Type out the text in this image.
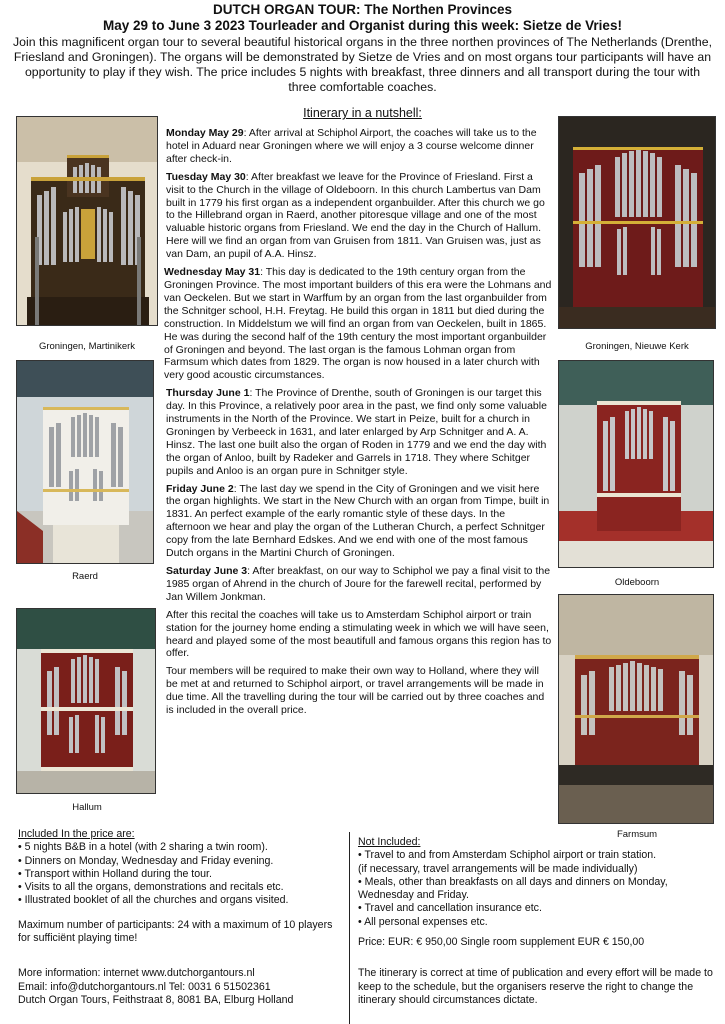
DUTCH ORGAN TOUR: The Northen Provinces
May 29 to June 3 2023 Tourleader and Organist during this week: Sietze de Vries!
Join this magnificent organ tour to several beautiful historical organs in the three northen provinces of The Netherlands (Drenthe, Friesland and Groningen). The organs will be demonstrated by Sietze de Vries and on most organs tour participants will have an opportunity to play if they wish. The price includes 5 nights with breakfast, three dinners and all transport during the tour with three comfortable coaches.
Itinerary in a nutshell:
Groningen, Martinikerk
Raerd
Hallum
Groningen, Nieuwe Kerk
Oldeboorn
Farmsum

Monday May 29: After arrival at Schiphol Airport, the coaches will take us to the hotel in Aduard near Groningen where we will enjoy a 3 course welcome dinner after check-in.

Tuesday May 30: After breakfast we leave for the Province of Friesland. First a visit to the Church in the village of Oldeboorn. In this church Lambertus van Dam built in 1779 his first organ as a independent organbuilder. After this church we go to the Hillebrand organ in Raerd, another pitoresque village and one of the most valuable historic organs from Friesland. We end the day in the Church of Hallum. Here will we find an organ from van Gruisen from 1811. Van Gruisen was, just as van Dam, an pupil of A.A. Hinsz.

Wednesday May 31: This day is dedicated to the 19th century organ from the Groningen Province. The most important builders of this era were the Lohmans and van Oeckelen. But we start in Warffum by an organ from the last organbuilder from the Schnitger school, H.H. Freytag. He build this organ in 1811 but died during the construction. In Middelstum we will find an organ from van Oeckelen, built in 1865. He was during the second half of the 19th century the most important organbuilder of Groningen and beyond. The last organ is the famous Lohman organ from Farmsum which dates from 1829. The organ is now housed in a later church with very good acoustic circumstances.

Thursday June 1: The Province of Drenthe, south of Groningen is our target this day. In this Province, a relatively poor area in the past, we find only some valuable instruments in the North of the Province. We start in Peize, built for a church in Groningen by Verbeeck in 1631, and later enlarged by Arp Schnitger and A. A. Hinsz. The last one built also the organ of Roden in 1779 and we end the day with the organ of Anloo, built by Radeker and Garrels in 1718. They where Schitger pupils and Anloo is an organ pure in Schnitger style.

Friday June 2: The last day we spend in the City of Groningen and we visit here the organ highlights. We start in the New Church with an organ from Timpe, built in 1831. An perfect example of the early romantic style of these days. In the afternoon we hear and play the organ of the Lutheran Church, a perfect Schnitger copy from the late Bernhard Edskes. And we end with one of the most famous Dutch organs in the Martini Church of Groningen.

Saturday June 3: After breakfast, on our way to Schiphol we pay a final visit to the 1985 organ of Ahrend in the church of Joure for the farewell recital, performed by Jan Willem Jonkman.

After this recital the coaches will take us to Amsterdam Schiphol airport or train station for the journey home ending a stimulating week in which we will have seen, heard and played some of the most beautifull and famous organs this region has to offer.

Tour members will be required to make their own way to Holland, where they will be met at and returned to Schiphol airport, or travel arrangements will be made in due time. All the travelling during the tour will be carried out by three coaches and is included in the overall price.

Included In the price are:
• 5 nights B&B in a hotel (with 2 sharing a twin room).
• Dinners on Monday, Wednesday and Friday evening.
• Transport within Holland during the tour.
• Visits to all the organs, demonstrations and recitals etc.
• Illustrated booklet of all the churches and organs visited.
Maximum number of participants: 24 with a maximum of 10 players for sufficiënt playing time!
More information: internet www.dutchorgantours.nl
Email: info@dutchorgantours.nl Tel: 0031 6 51502361
Dutch Organ Tours, Feithstraat 8, 8081 BA, Elburg Holland
Not Included:
• Travel to and from Amsterdam Schiphol airport or train station.
(if necessary, travel arrangements will be made individually)
• Meals, other than breakfasts on all days and dinners on Monday, Wednesday and Friday.
• Travel and cancellation insurance etc.
• All personal expenses etc.
Price: EUR: € 950,00 Single room supplement EUR € 150,00
The itinerary is correct at time of publication and every effort will be made to keep to the schedule, but the organisers reserve the right to change the itinerary should circumstances dictate.
